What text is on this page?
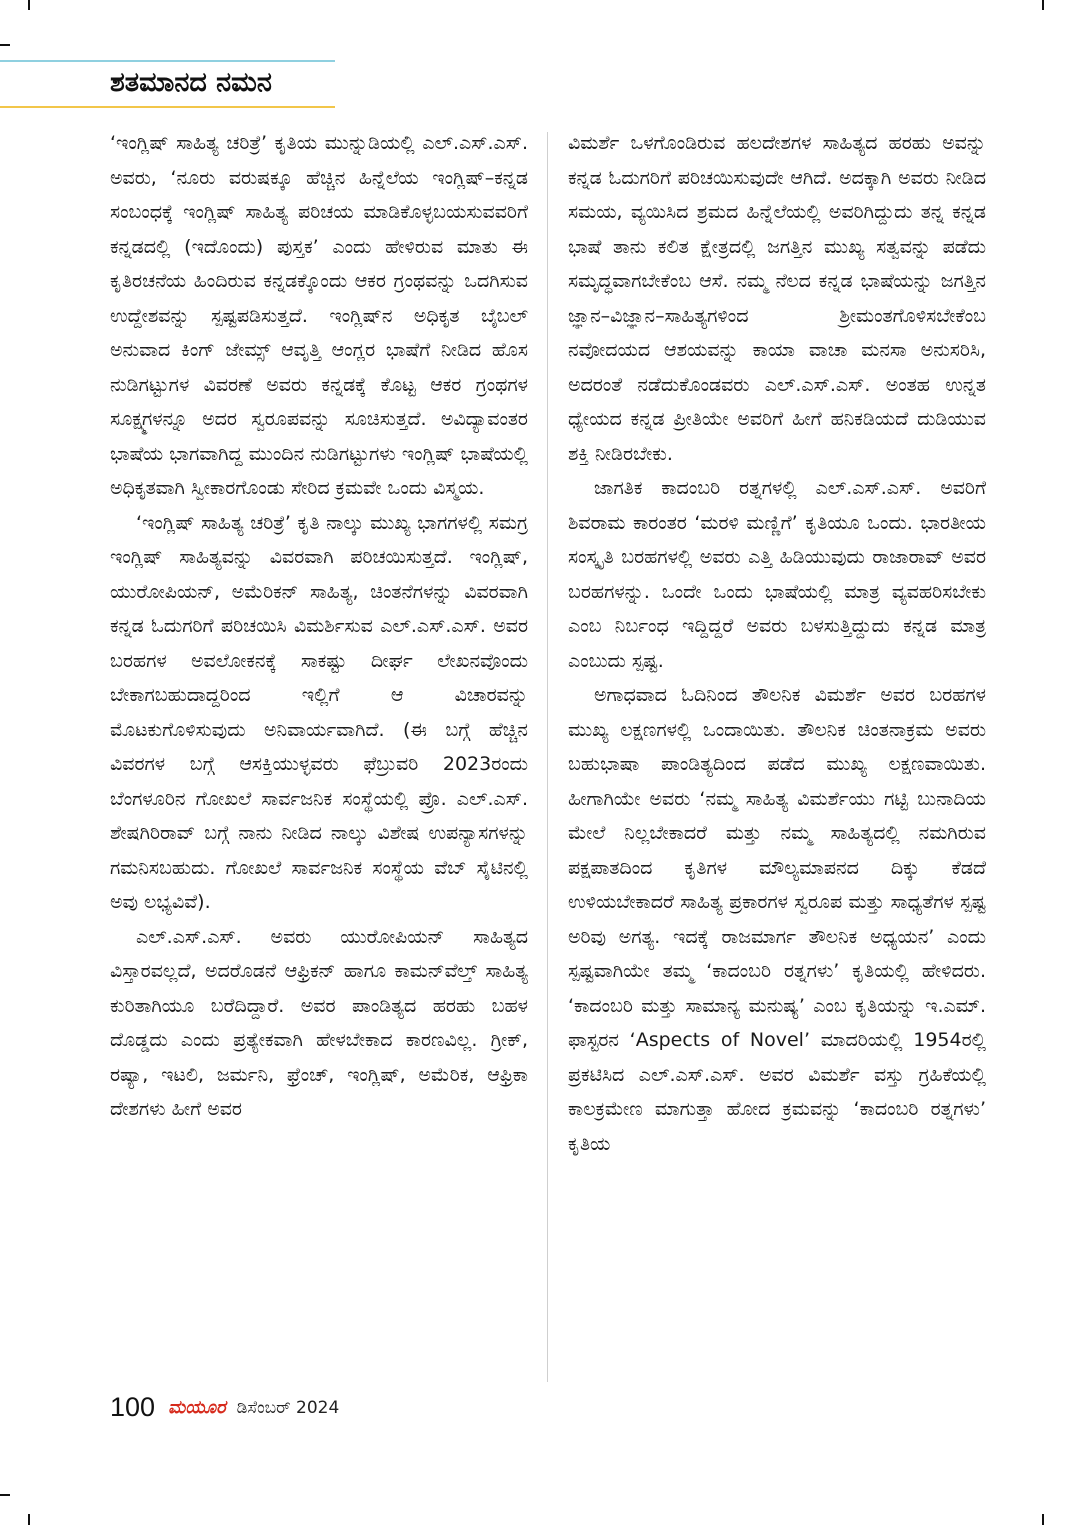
ಶತಮಾನದ ನಮನ

‘ಇಂಗ್ಲಿಷ್ ಸಾಹಿತ್ಯ ಚರಿತ್ರೆ’ ಕೃತಿಯ ಮುನ್ನುಡಿಯಲ್ಲಿ ಎಲ್.ಎಸ್.ಎಸ್. ಅವರು, ‘ನೂರು ವರುಷಕ್ಕೂ ಹೆಚ್ಚಿನ ಹಿನ್ನೆಲೆಯ ಇಂಗ್ಲಿಷ್–ಕನ್ನಡ ಸಂಬಂಧಕ್ಕೆ ಇಂಗ್ಲಿಷ್ ಸಾಹಿತ್ಯ ಪರಿಚಯ ಮಾಡಿಕೊಳ್ಳಬಯಸುವವರಿಗೆ ಕನ್ನಡದಲ್ಲಿ (ಇದೊಂದು) ಪುಸ್ತಕ’ ಎಂದು ಹೇಳಿರುವ ಮಾತು ಈ ಕೃತಿರಚನೆಯ ಹಿಂದಿರುವ ಕನ್ನಡಕ್ಕೊಂದು ಆಕರ ಗ್ರಂಥವನ್ನು ಒದಗಿಸುವ ಉದ್ದೇಶವನ್ನು ಸ್ಪಷ್ಟಪಡಿಸುತ್ತದೆ. ಇಂಗ್ಲಿಷ್‌ನ ಅಧಿಕೃತ ಬೈಬಲ್ ಅನುವಾದ ಕಿಂಗ್ ಜೇಮ್ಸ್ ಆವೃತ್ತಿ ಆಂಗ್ಲರ ಭಾಷೆಗೆ ನೀಡಿದ ಹೊಸ ನುಡಿಗಟ್ಟುಗಳ ವಿವರಣೆ ಅವರು ಕನ್ನಡಕ್ಕೆ ಕೊಟ್ಟ ಆಕರ ಗ್ರಂಥಗಳ ಸೂಕ್ಷ್ಮಗಳನ್ನೂ ಅದರ ಸ್ವರೂಪವನ್ನು ಸೂಚಿಸುತ್ತದೆ. ಅವಿದ್ಯಾವಂತರ ಭಾಷೆಯ ಭಾಗವಾಗಿದ್ದ ಮುಂದಿನ ನುಡಿಗಟ್ಟುಗಳು ಇಂಗ್ಲಿಷ್ ಭಾಷೆಯಲ್ಲಿ ಅಧಿಕೃತವಾಗಿ ಸ್ವೀಕಾರಗೊಂಡು ಸೇರಿದ ಕ್ರಮವೇ ಒಂದು ವಿಸ್ಮಯ.

‘ಇಂಗ್ಲಿಷ್ ಸಾಹಿತ್ಯ ಚರಿತ್ರೆ’ ಕೃತಿ ನಾಲ್ಕು ಮುಖ್ಯ ಭಾಗಗಳಲ್ಲಿ ಸಮಗ್ರ ಇಂಗ್ಲಿಷ್ ಸಾಹಿತ್ಯವನ್ನು ವಿವರವಾಗಿ ಪರಿಚಯಿಸುತ್ತದೆ. ಇಂಗ್ಲಿಷ್, ಯುರೋಪಿಯನ್, ಅಮೆರಿಕನ್ ಸಾಹಿತ್ಯ, ಚಿಂತನೆಗಳನ್ನು ವಿವರವಾಗಿ ಕನ್ನಡ ಓದುಗರಿಗೆ ಪರಿಚಯಿಸಿ ವಿಮರ್ಶಿಸುವ ಎಲ್.ಎಸ್.ಎಸ್. ಅವರ ಬರಹಗಳ ಅವಲೋಕನಕ್ಕೆ ಸಾಕಷ್ಟು ದೀರ್ಘ ಲೇಖನವೊಂದು ಬೇಕಾಗಬಹುದಾದ್ದರಿಂದ ಇಲ್ಲಿಗೆ ಆ ವಿಚಾರವನ್ನು ಮೊಟಕುಗೊಳಿಸುವುದು ಅನಿವಾರ್ಯವಾಗಿದೆ. (ಈ ಬಗ್ಗೆ ಹೆಚ್ಚಿನ ವಿವರಗಳ ಬಗ್ಗೆ ಆಸಕ್ತಿಯುಳ್ಳವರು ಫೆಬ್ರುವರಿ 2023ರಂದು ಬೆಂಗಳೂರಿನ ಗೋಖಲೆ ಸಾರ್ವಜನಿಕ ಸಂಸ್ಥೆಯಲ್ಲಿ ಪ್ರೊ. ಎಲ್.ಎಸ್. ಶೇಷಗಿರಿರಾವ್ ಬಗ್ಗೆ ನಾನು ನೀಡಿದ ನಾಲ್ಕು ವಿಶೇಷ ಉಪನ್ಯಾಸಗಳನ್ನು ಗಮನಿಸಬಹುದು. ಗೋಖಲೆ ಸಾರ್ವಜನಿಕ ಸಂಸ್ಥೆಯ ವೆಬ್ ಸೈಟಿನಲ್ಲಿ ಅವು ಲಭ್ಯವಿವೆ).

ಎಲ್.ಎಸ್.ಎಸ್. ಅವರು ಯುರೋಪಿಯನ್ ಸಾಹಿತ್ಯದ ವಿಸ್ತಾರವಲ್ಲದೆ, ಅದರೊಡನೆ ಆಫ್ರಿಕನ್ ಹಾಗೂ ಕಾಮನ್‌ವೆಲ್ತ್ ಸಾಹಿತ್ಯ ಕುರಿತಾಗಿಯೂ ಬರೆದಿದ್ದಾರೆ. ಅವರ ಪಾಂಡಿತ್ಯದ ಹರಹು ಬಹಳ ದೊಡ್ಡದು ಎಂದು ಪ್ರತ್ಯೇಕವಾಗಿ ಹೇಳಬೇಕಾದ ಕಾರಣವಿಲ್ಲ. ಗ್ರೀಕ್, ರಷ್ಯಾ, ಇಟಲಿ, ಜರ್ಮನಿ, ಫ್ರೆಂಚ್, ಇಂಗ್ಲಿಷ್, ಅಮೆರಿಕ, ಆಫ್ರಿಕಾ ದೇಶಗಳು ಹೀಗೆ ಅವರ

ವಿಮರ್ಶೆ ಒಳಗೊಂಡಿರುವ ಹಲದೇಶಗಳ ಸಾಹಿತ್ಯದ ಹರಹು ಅವನ್ನು ಕನ್ನಡ ಓದುಗರಿಗೆ ಪರಿಚಯಿಸುವುದೇ ಆಗಿದೆ. ಅದಕ್ಕಾಗಿ ಅವರು ನೀಡಿದ ಸಮಯ, ವ್ಯಯಿಸಿದ ಶ್ರಮದ ಹಿನ್ನೆಲೆಯಲ್ಲಿ ಅವರಿಗಿದ್ದುದು ತನ್ನ ಕನ್ನಡ ಭಾಷೆ ತಾನು ಕಲಿತ ಕ್ಷೇತ್ರದಲ್ಲಿ ಜಗತ್ತಿನ ಮುಖ್ಯ ಸತ್ವವನ್ನು ಪಡೆದು ಸಮೃದ್ಧವಾಗಬೇಕೆಂಬ ಆಸೆ. ನಮ್ಮ ನೆಲದ ಕನ್ನಡ ಭಾಷೆಯನ್ನು ಜಗತ್ತಿನ ಜ್ಞಾನ–ವಿಜ್ಞಾನ–ಸಾಹಿತ್ಯಗಳಿಂದ ಶ್ರೀಮಂತಗೊಳಿಸಬೇಕೆಂಬ ನವೋದಯದ ಆಶಯವನ್ನು ಕಾಯಾ ವಾಚಾ ಮನಸಾ ಅನುಸರಿಸಿ, ಅದರಂತೆ ನಡೆದುಕೊಂಡವರು ಎಲ್.ಎಸ್.ಎಸ್. ಅಂತಹ ಉನ್ನತ ಧ್ಯೇಯದ ಕನ್ನಡ ಪ್ರೀತಿಯೇ ಅವರಿಗೆ ಹೀಗೆ ಹನಿಕಡಿಯದೆ ದುಡಿಯುವ ಶಕ್ತಿ ನೀಡಿರಬೇಕು.

ಜಾಗತಿಕ ಕಾದಂಬರಿ ರತ್ನಗಳಲ್ಲಿ ಎಲ್.ಎಸ್.ಎಸ್. ಅವರಿಗೆ ಶಿವರಾಮ ಕಾರಂತರ ‘ಮರಳಿ ಮಣ್ಣಿಗೆ’ ಕೃತಿಯೂ ಒಂದು. ಭಾರತೀಯ ಸಂಸ್ಕೃತಿ ಬರಹಗಳಲ್ಲಿ ಅವರು ಎತ್ತಿ ಹಿಡಿಯುವುದು ರಾಜಾರಾವ್ ಅವರ ಬರಹಗಳನ್ನು. ಒಂದೇ ಒಂದು ಭಾಷೆಯಲ್ಲಿ ಮಾತ್ರ ವ್ಯವಹರಿಸಬೇಕು ಎಂಬ ನಿರ್ಬಂಧ ಇದ್ದಿದ್ದರೆ ಅವರು ಬಳಸುತ್ತಿದ್ದುದು ಕನ್ನಡ ಮಾತ್ರ ಎಂಬುದು ಸ್ಪಷ್ಟ.

ಅಗಾಧವಾದ ಓದಿನಿಂದ ತೌಲನಿಕ ವಿಮರ್ಶೆ ಅವರ ಬರಹಗಳ ಮುಖ್ಯ ಲಕ್ಷಣಗಳಲ್ಲಿ ಒಂದಾಯಿತು. ತೌಲನಿಕ ಚಿಂತನಾಕ್ರಮ ಅವರು ಬಹುಭಾಷಾ ಪಾಂಡಿತ್ಯದಿಂದ ಪಡೆದ ಮುಖ್ಯ ಲಕ್ಷಣವಾಯಿತು. ಹೀಗಾಗಿಯೇ ಅವರು ‘ನಮ್ಮ ಸಾಹಿತ್ಯ ವಿಮರ್ಶೆಯು ಗಟ್ಟಿ ಬುನಾದಿಯ ಮೇಲೆ ನಿಲ್ಲಬೇಕಾದರೆ ಮತ್ತು ನಮ್ಮ ಸಾಹಿತ್ಯದಲ್ಲಿ ನಮಗಿರುವ ಪಕ್ಷಪಾತದಿಂದ ಕೃತಿಗಳ ಮೌಲ್ಯಮಾಪನದ ದಿಕ್ಕು ಕೆಡದೆ ಉಳಿಯಬೇಕಾದರೆ ಸಾಹಿತ್ಯ ಪ್ರಕಾರಗಳ ಸ್ವರೂಪ ಮತ್ತು ಸಾಧ್ಯತೆಗಳ ಸ್ಪಷ್ಟ ಅರಿವು ಅಗತ್ಯ. ಇದಕ್ಕೆ ರಾಜಮಾರ್ಗ ತೌಲನಿಕ ಅಧ್ಯಯನ’ ಎಂದು ಸ್ಪಷ್ಟವಾಗಿಯೇ ತಮ್ಮ ‘ಕಾದಂಬರಿ ರತ್ನಗಳು’ ಕೃತಿಯಲ್ಲಿ ಹೇಳಿದರು. ‘ಕಾದಂಬರಿ ಮತ್ತು ಸಾಮಾನ್ಯ ಮನುಷ್ಯ’ ಎಂಬ ಕೃತಿಯನ್ನು ಇ.ಎಮ್. ಫಾಸ್ಟರನ ‘Aspects of Novel’ ಮಾದರಿಯಲ್ಲಿ 1954ರಲ್ಲಿ ಪ್ರಕಟಿಸಿದ ಎಲ್.ಎಸ್.ಎಸ್. ಅವರ ವಿಮರ್ಶೆ ವಸ್ತು ಗ್ರಹಿಕೆಯಲ್ಲಿ ಕಾಲಕ್ರಮೇಣ ಮಾಗುತ್ತಾ ಹೋದ ಕ್ರಮವನ್ನು ‘ಕಾದಂಬರಿ ರತ್ನಗಳು’ ಕೃತಿಯ

100 ಮಯೂರ ಡಿಸೆಂಬರ್ 2024
